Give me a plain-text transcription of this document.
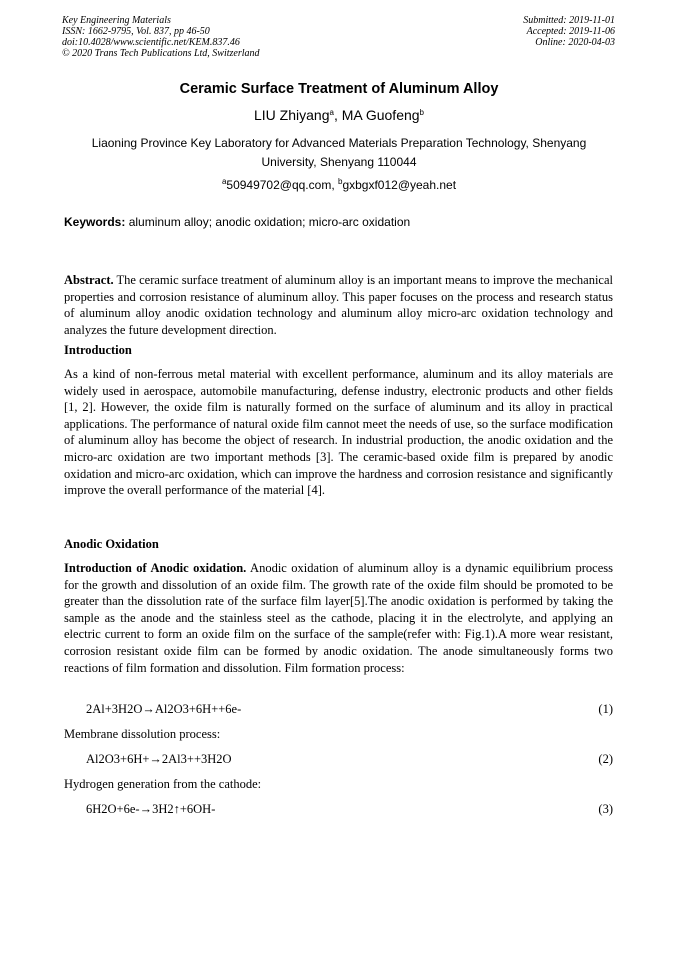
Key Engineering Materials
ISSN: 1662-9795, Vol. 837, pp 46-50
doi:10.4028/www.scientific.net/KEM.837.46
© 2020 Trans Tech Publications Ltd, Switzerland
Submitted: 2019-11-01
Accepted: 2019-11-06
Online: 2020-04-03
Ceramic Surface Treatment of Aluminum Alloy
LIU Zhiyang$^a$, MA Guofeng$^b$
Liaoning Province Key Laboratory for Advanced Materials Preparation Technology, Shenyang University, Shenyang 110044
$^a$50949702@qq.com, $^b$gxbgxf012@yeah.net
Keywords: aluminum alloy; anodic oxidation; micro-arc oxidation
Abstract. The ceramic surface treatment of aluminum alloy is an important means to improve the mechanical properties and corrosion resistance of aluminum alloy. This paper focuses on the process and research status of aluminum alloy anodic oxidation technology and aluminum alloy micro-arc oxidation technology and analyzes the future development direction.
Introduction
As a kind of non-ferrous metal material with excellent performance, aluminum and its alloy materials are widely used in aerospace, automobile manufacturing, defense industry, electronic products and other fields [1, 2]. However, the oxide film is naturally formed on the surface of aluminum and its alloy in practical applications. The performance of natural oxide film cannot meet the needs of use, so the surface modification of aluminum alloy has become the object of research. In industrial production, the anodic oxidation and the micro-arc oxidation are two important methods [3]. The ceramic-based oxide film is prepared by anodic oxidation and micro-arc oxidation, which can improve the hardness and corrosion resistance and significantly improve the overall performance of the material [4].
Anodic Oxidation
Introduction of Anodic oxidation. Anodic oxidation of aluminum alloy is a dynamic equilibrium process for the growth and dissolution of an oxide film. The growth rate of the oxide film should be promoted to be greater than the dissolution rate of the surface film layer[5].The anodic oxidation is performed by taking the sample as the anode and the stainless steel as the cathode, placing it in the electrolyte, and applying an electric current to form an oxide film on the surface of the sample(refer with: Fig.1).A more wear resistant, corrosion resistant oxide film can be formed by anodic oxidation. The anode simultaneously forms two reactions of film formation and dissolution. Film formation process:
2Al+3H2O→Al2O3+6H++6e-	(1)
Membrane dissolution process:
Al2O3+6H+→2Al3++3H2O	(2)
Hydrogen generation from the cathode:
6H2O+6e-→3H2↑+6OH-	(3)
